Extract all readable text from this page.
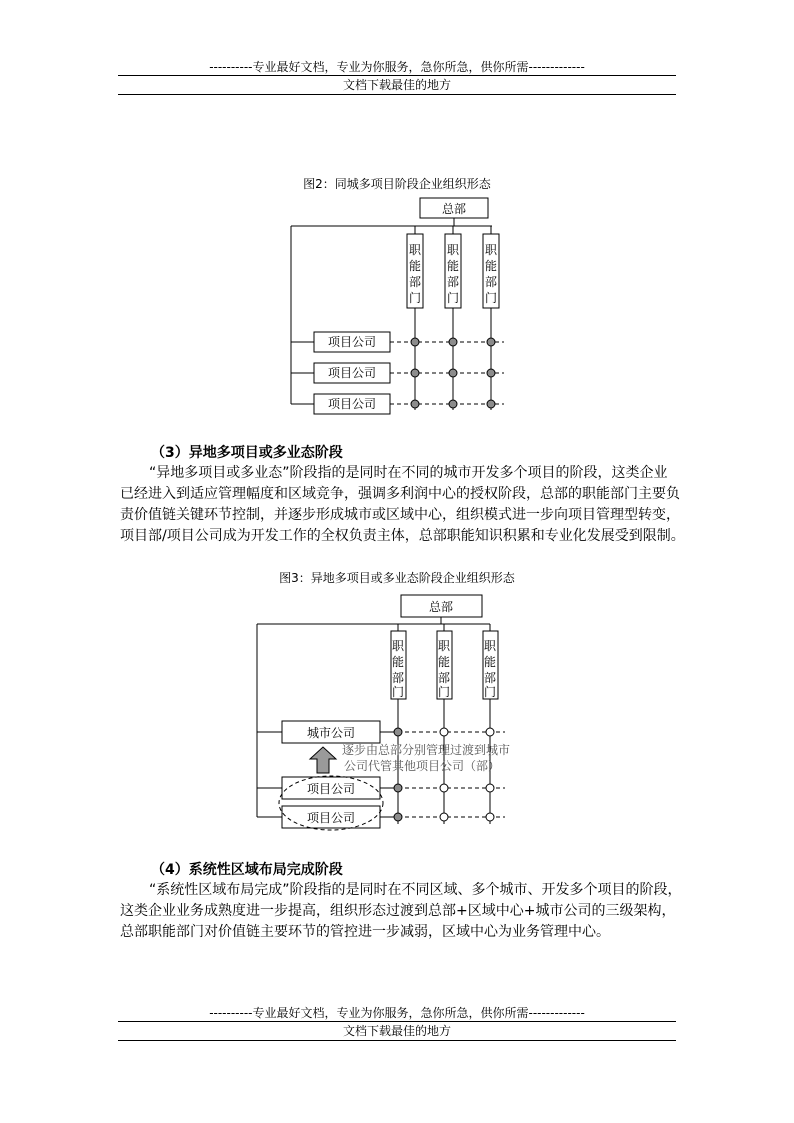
----------专业最好文档，专业为你服务，急你所急，供你所需-------------
文档下载最佳的地方
图2：同城多项目阶段企业组织形态
总部
职
能
部
门
职
能
部
门
职
能
部
门
项目公司
项目公司
项目公司
（3）异地多项目或多业态阶段

“异地多项目或多业态”阶段指的是同时在不同的城市开发多个项目的阶段，这类企业
已经进入到适应管理幅度和区域竞争，强调多利润中心的授权阶段，总部的职能部门主要负
责价值链关键环节控制，并逐步形成城市或区域中心，组织模式进一步向项目管理型转变，
项目部/项目公司成为开发工作的全权负责主体，总部职能知识积累和专业化发展受到限制。

图3：异地多项目或多业态阶段企业组织形态
总部
职
能
部
门
职
能
部
门
职
能
部
门
城市公司
项目公司
项目公司
逐步由总部分别管理过渡到城市
公司代管其他项目公司（部）
（4）系统性区域布局完成阶段

“系统性区域布局完成”阶段指的是同时在不同区域、多个城市、开发多个项目的阶段，
这类企业业务成熟度进一步提高，组织形态过渡到总部+区域中心+城市公司的三级架构，
总部职能部门对价值链主要环节的管控进一步减弱，区域中心为业务管理中心。

----------专业最好文档，专业为你服务，急你所急，供你所需-------------
文档下载最佳的地方
